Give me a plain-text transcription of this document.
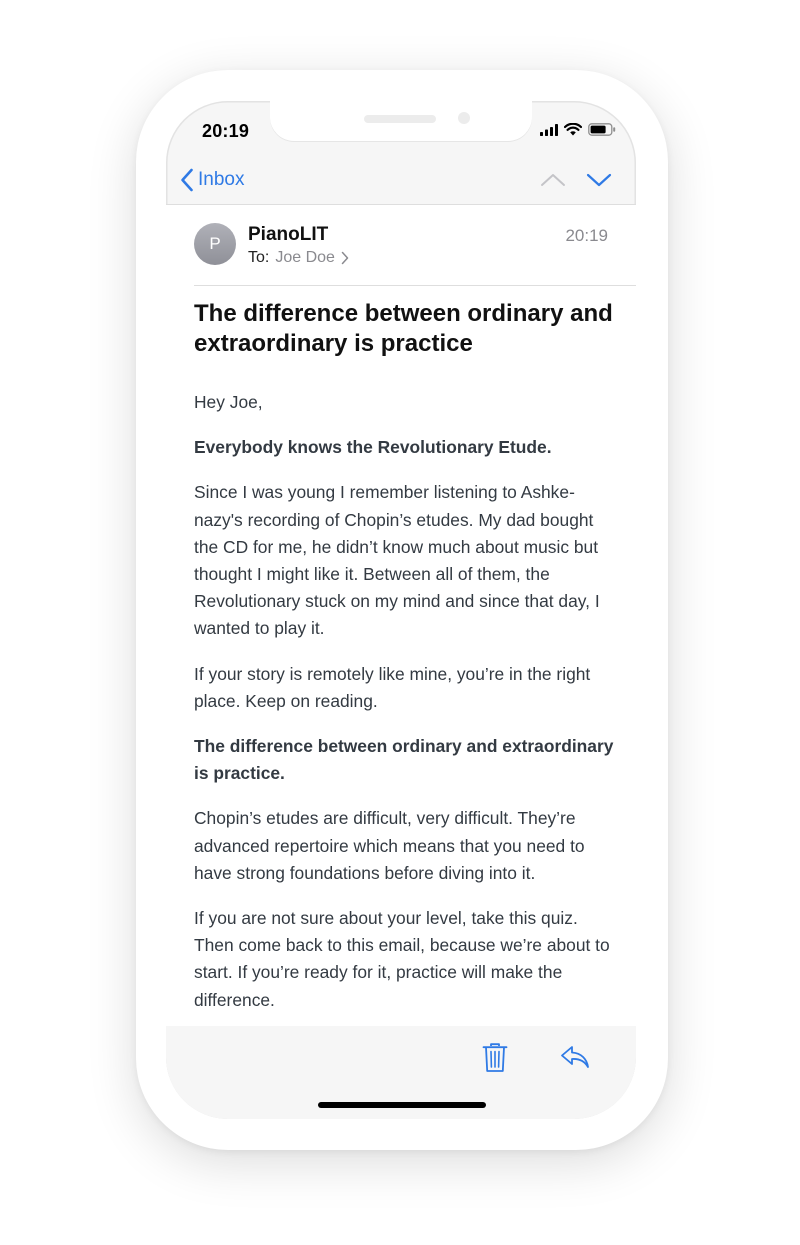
20:19
Inbox
P	PianoLIT
To: Joe Doe
20:19
The difference between ordinary and extraordinary is practice

Hey Joe,

Everybody knows the Revolutionary Etude.

Since I was young I remember listening to Ashkenazy's recording of Chopin’s etudes. My dad bought the CD for me, he didn’t know much about music but thought I might like it. Between all of them, the Revolutionary stuck on my mind and since that day, I wanted to play it.

If your story is remotely like mine, you’re in the right place. Keep on reading.

The difference between ordinary and extraordinary is practice.

Chopin’s etudes are difficult, very difficult. They’re advanced repertoire which means that you need to have strong foundations before diving into it.

If you are not sure about your level, take this quiz. Then come back to this email, because we’re about to start. If you’re ready for it, practice will make the difference.
